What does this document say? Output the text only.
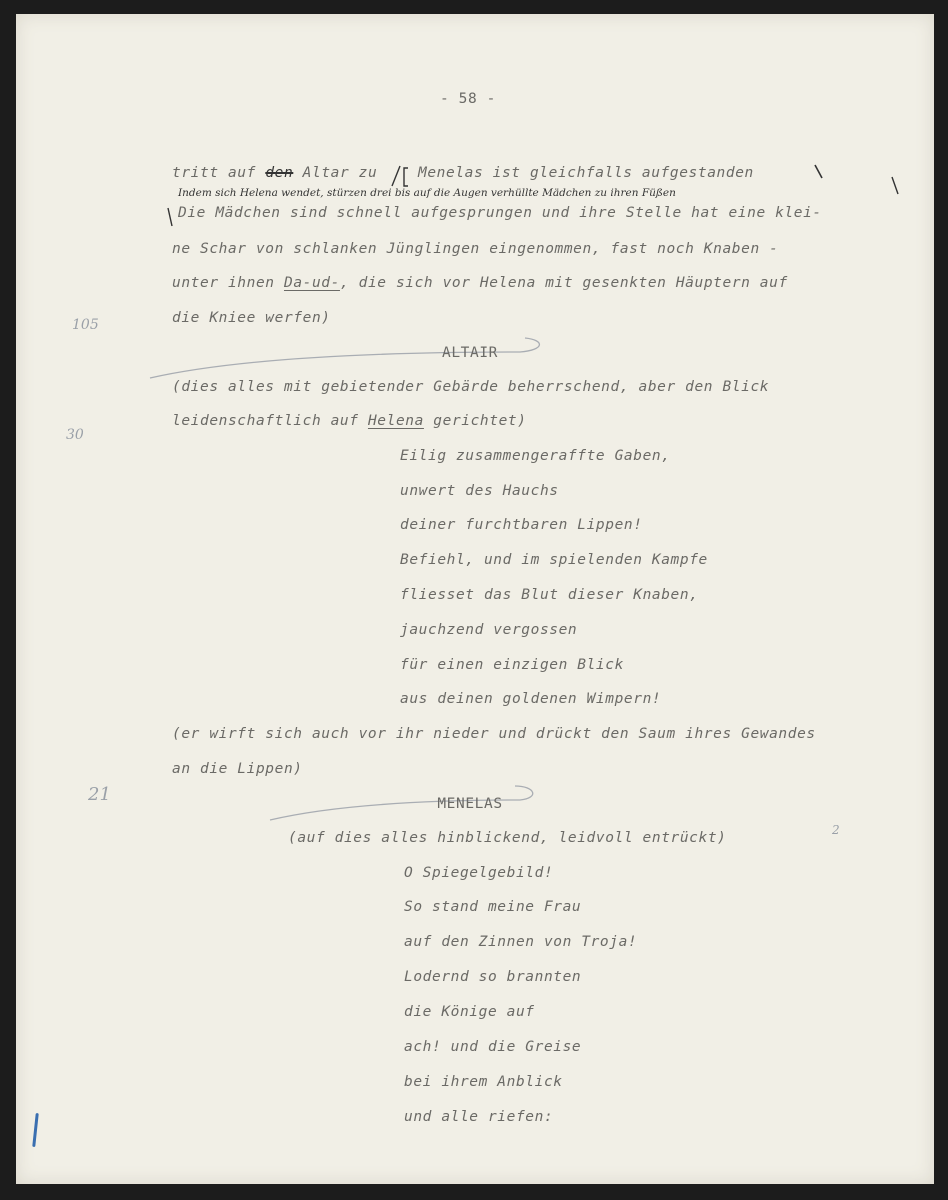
- 58 -
tritt auf den Altar zu	Menelas ist gleichfalls aufgestanden
Indem sich Helena wendet, stürzen drei bis auf die Augen verhüllte Mädchen zu ihren Füßen
Die Mädchen sind schnell aufgesprungen und ihre Stelle hat eine klei-
ne Schar von schlanken Jünglingen eingenommen, fast noch Knaben -
unter ihnen Da-ud-, die sich vor Helena mit gesenkten Häuptern auf
die Kniee werfen)
ALTAIR
(dies alles mit gebietender Gebärde beherrschend, aber den Blick
leidenschaftlich auf Helena gerichtet)
Eilig zusammengeraffte Gaben,
unwert des Hauchs
deiner furchtbaren Lippen!
Befiehl, und im spielenden Kampfe
fliesset das Blut dieser Knaben,
jauchzend vergossen
für einen einzigen Blick
aus deinen goldenen Wimpern!
(er wirft sich auch vor ihr nieder und drückt den Saum ihres Gewandes
an die Lippen)
MENELAS
(auf dies alles hinblickend, leidvoll entrückt)
O Spiegelgebild!
So stand meine Frau
auf den Zinnen von Troja!
Lodernd so brannten
die Könige auf
ach! und die Greise
bei ihrem Anblick
und alle riefen:
105
30
21
2
